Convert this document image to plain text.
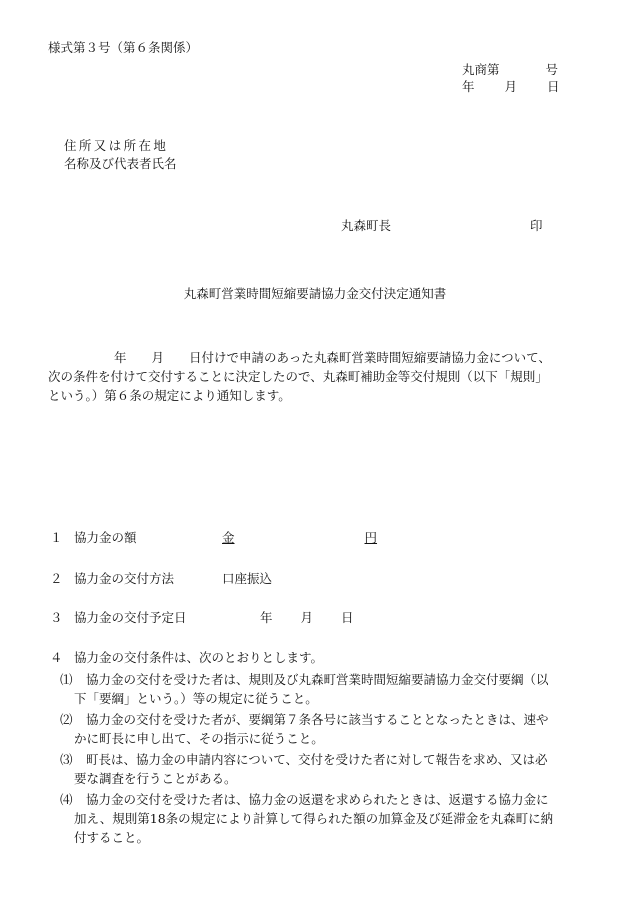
様式第３号（第６条関係）
丸商第	号
年 月 日
住所又は所在地
名称及び代表者氏名
丸森町長	印
丸森町営業時間短縮要請協力金交付決定通知書
年　　月　　日付けで申請のあった丸森町営業時間短縮要請協力金について、
次の条件を付けて交付することに決定したので、丸森町補助金等交付規則（以下「規則」
という。）第６条の規定により通知します。
１ 協力金の額	金	円
２ 協力金の交付方法	口座振込
３ 協力金の交付予定日	年 月 日
４ 協力金の交付条件は、次のとおりとします。
⑴ 協力金の交付を受けた者は、規則及び丸森町営業時間短縮要請協力金交付要綱（以
下「要綱」という。）等の規定に従うこと。
⑵ 協力金の交付を受けた者が、要綱第７条各号に該当することとなったときは、速や
かに町長に申し出て、その指示に従うこと。
⑶ 町長は、協力金の申請内容について、交付を受けた者に対して報告を求め、又は必
要な調査を行うことがある。
⑷ 協力金の交付を受けた者は、協力金の返還を求められたときは、返還する協力金に
加え、規則第18条の規定により計算して得られた額の加算金及び延滞金を丸森町に納
付すること。
